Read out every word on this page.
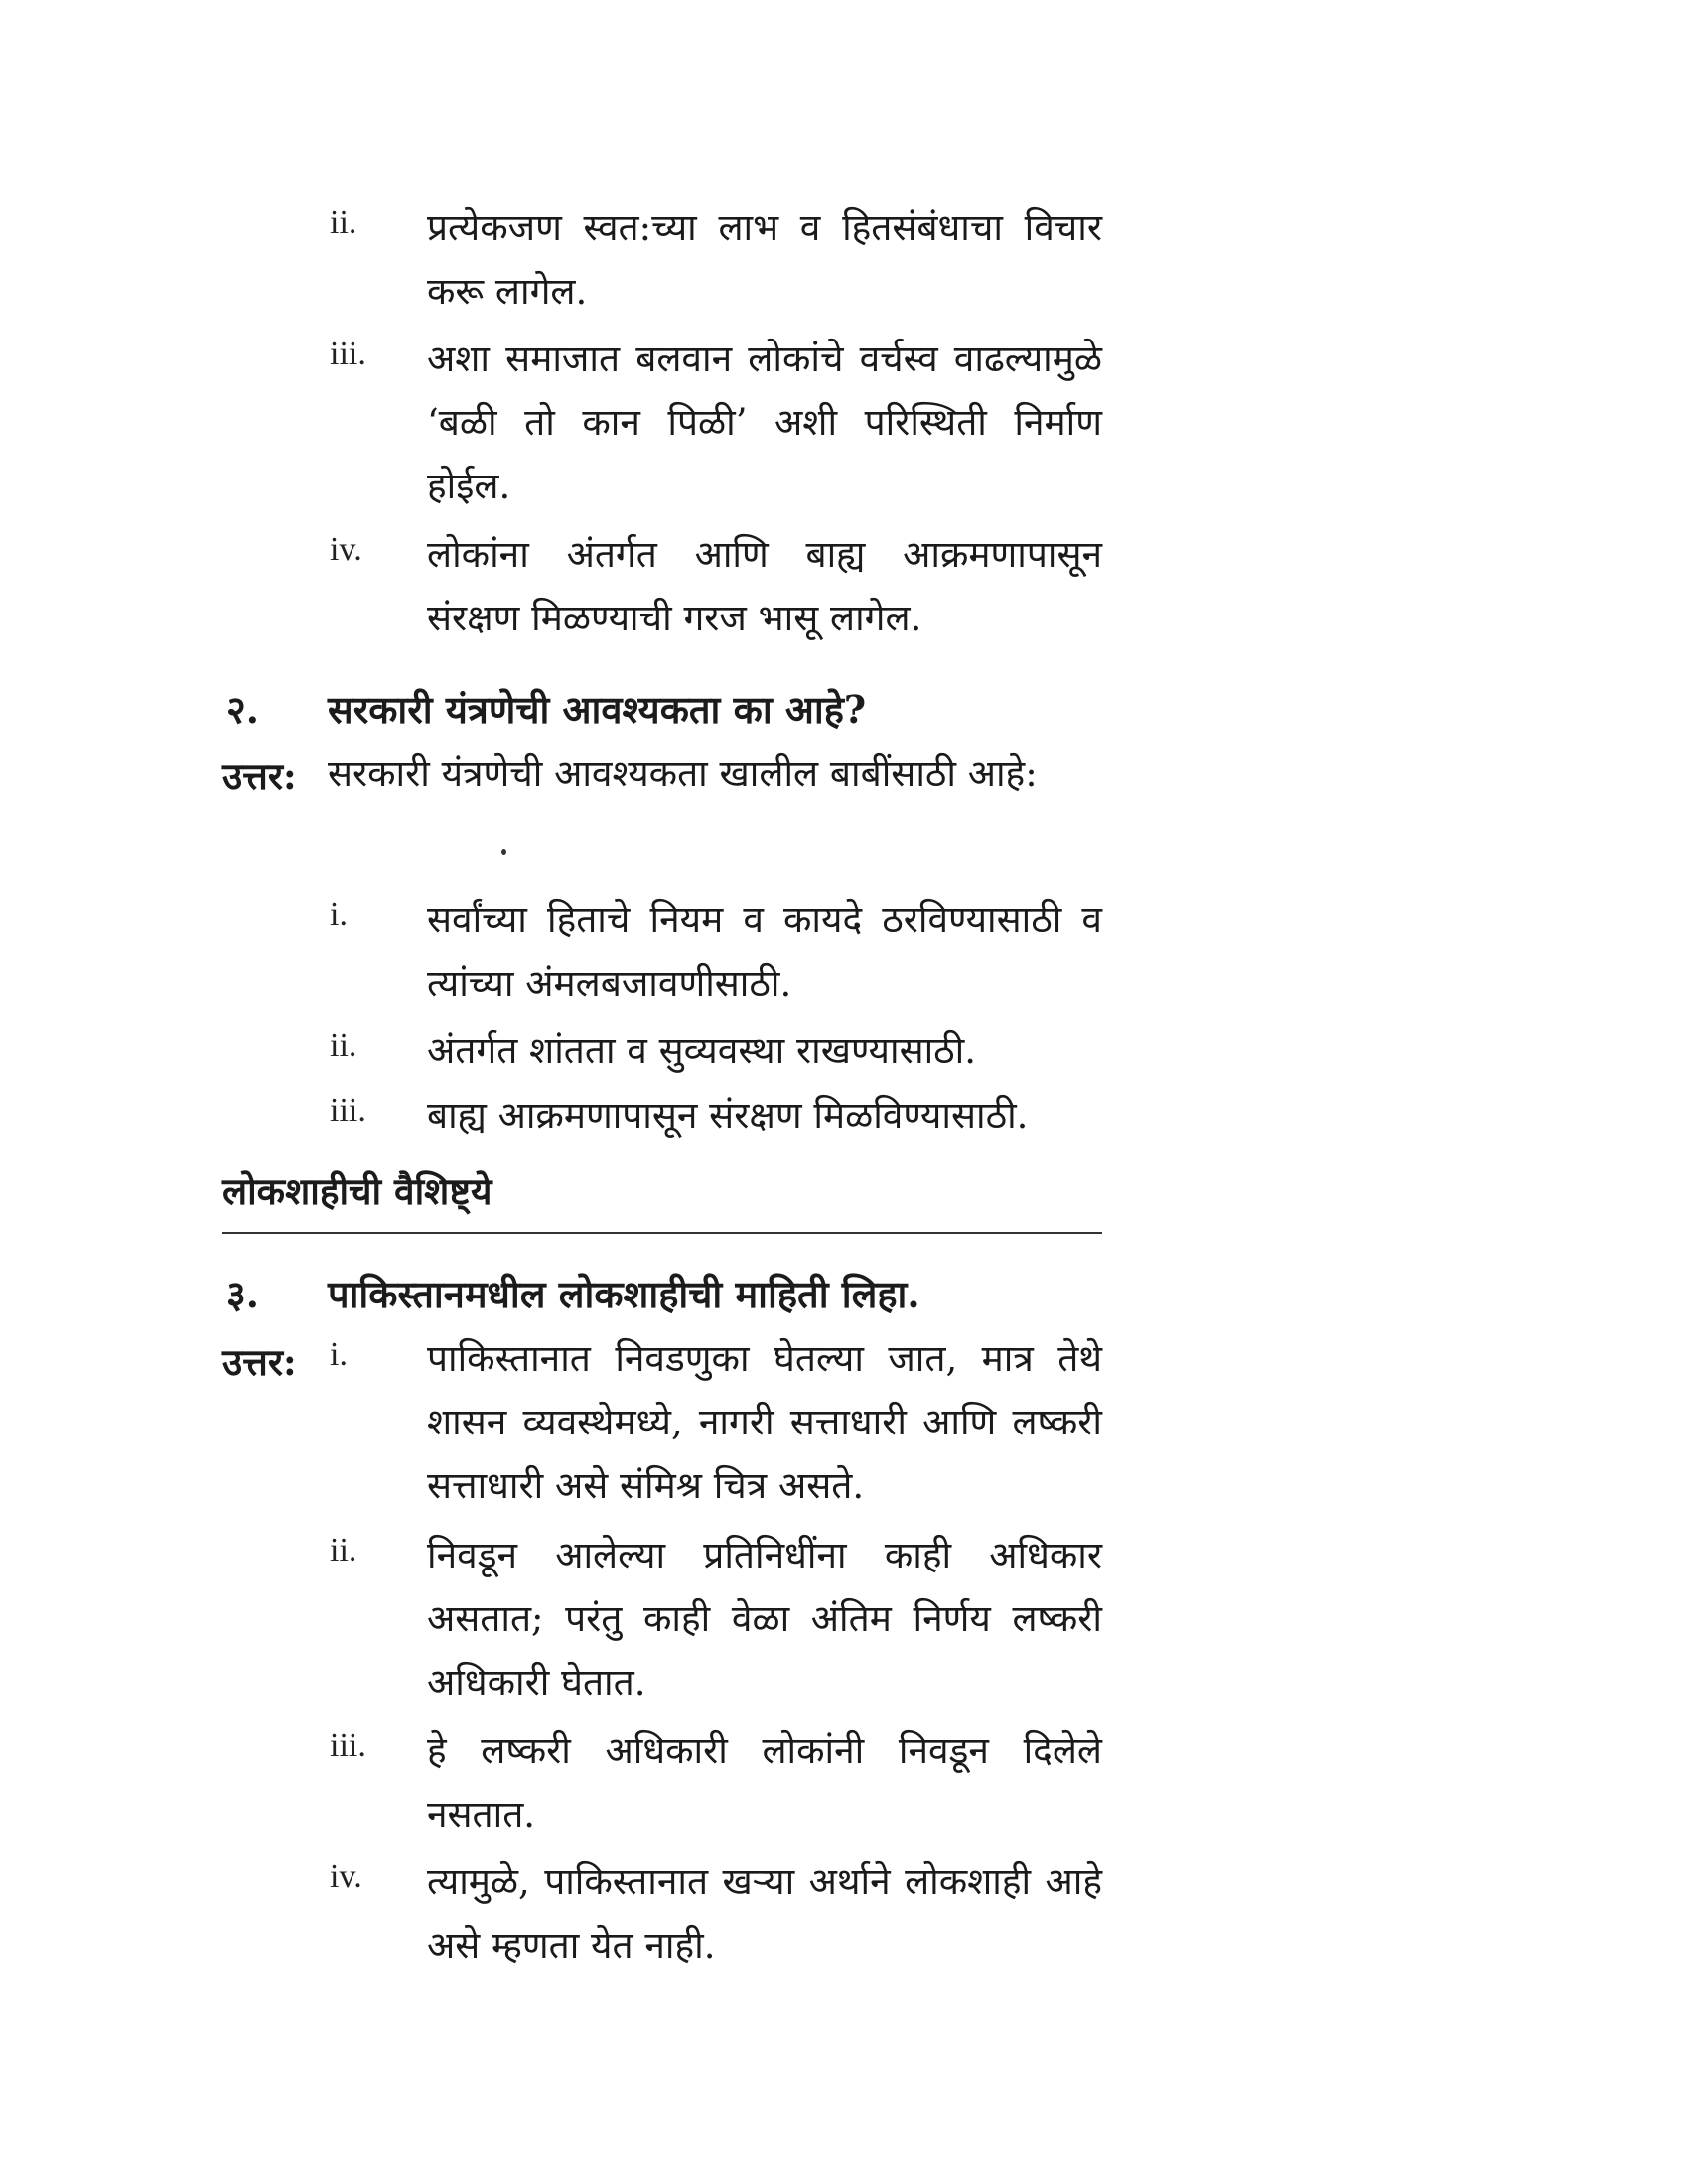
ii. प्रत्येकजण स्वत:च्या लाभ व हितसंबंधाचा विचार करू लागेल.
iii. अशा समाजात बलवान लोकांचे वर्चस्व वाढल्यामुळे ‘बळी तो कान पिळी’ अशी परिस्थिती निर्माण होईल.
iv. लोकांना अंतर्गत आणि बाह्य आक्रमणापासून संरक्षण मिळण्याची गरज भासू लागेल.
२. सरकारी यंत्रणेची आवश्यकता का आहे?
उत्तर: सरकारी यंत्रणेची आवश्यकता खालील बाबींसाठी आहे:
i. सर्वांच्या हिताचे नियम व कायदे ठरविण्यासाठी व त्यांच्या अंमलबजावणीसाठी.
ii. अंतर्गत शांतता व सुव्यवस्था राखण्यासाठी.
iii. बाह्य आक्रमणापासून संरक्षण मिळविण्यासाठी.
लोकशाहीची वैशिष्ट्ये
३. पाकिस्तानमधील लोकशाहीची माहिती लिहा.
उत्तर: i. पाकिस्तानात निवडणुका घेतल्या जात, मात्र तेथे शासन व्यवस्थेमध्ये, नागरी सत्ताधारी आणि लष्करी सत्ताधारी असे संमिश्र चित्र असते.
ii. निवडून आलेल्या प्रतिनिधींना काही अधिकार असतात; परंतु काही वेळा अंतिम निर्णय लष्करी अधिकारी घेतात.
iii. हे लष्करी अधिकारी लोकांनी निवडून दिलेले नसतात.
iv. त्यामुळे, पाकिस्तानात खऱ्या अर्थाने लोकशाही आहे असे म्हणता येत नाही.
